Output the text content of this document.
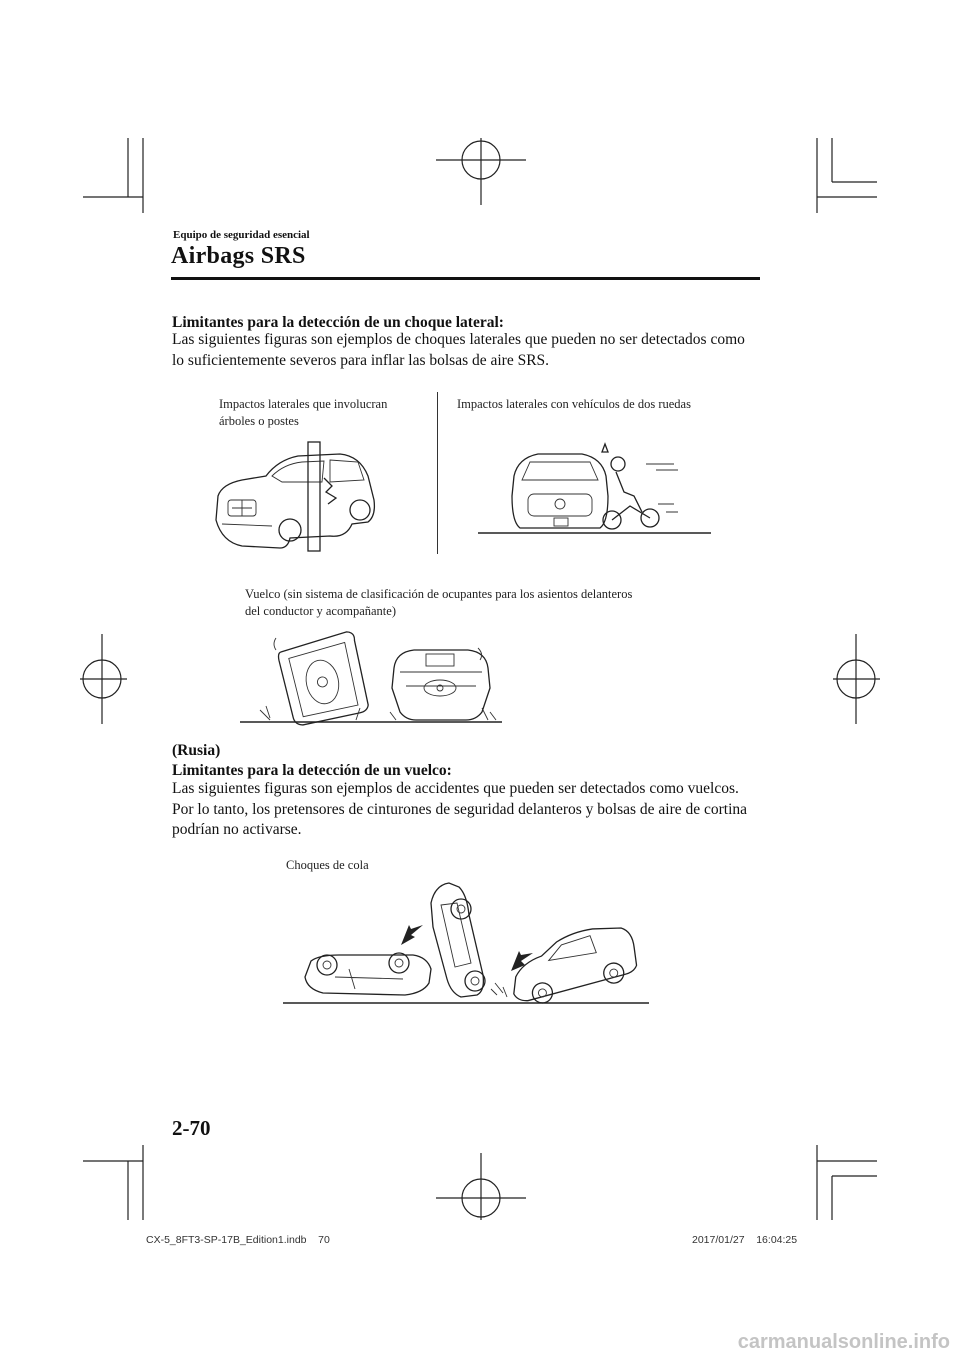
Equipo de seguridad esencial
Airbags SRS
Limitantes para la detección de un choque lateral:
Las siguientes figuras son ejemplos de choques laterales que pueden no ser detectados como
lo suficientemente severos para inflar las bolsas de aire SRS.
Impactos laterales que involucran
árboles o postes
Impactos laterales con vehículos de dos ruedas
Vuelco (sin sistema de clasificación de ocupantes para los asientos delanteros
del conductor y acompañante)
(Rusia)
Limitantes para la detección de un vuelco:
Las siguientes figuras son ejemplos de accidentes que pueden ser detectados como vuelcos.
Por lo tanto, los pretensores de cinturones de seguridad delanteros y bolsas de aire de cortina
podrían no activarse.
Choques de cola
2-70
CX-5_8FT3-SP-17B_Edition1.indb    70	2017/01/27    16:04:25
carmanualsonline.info
